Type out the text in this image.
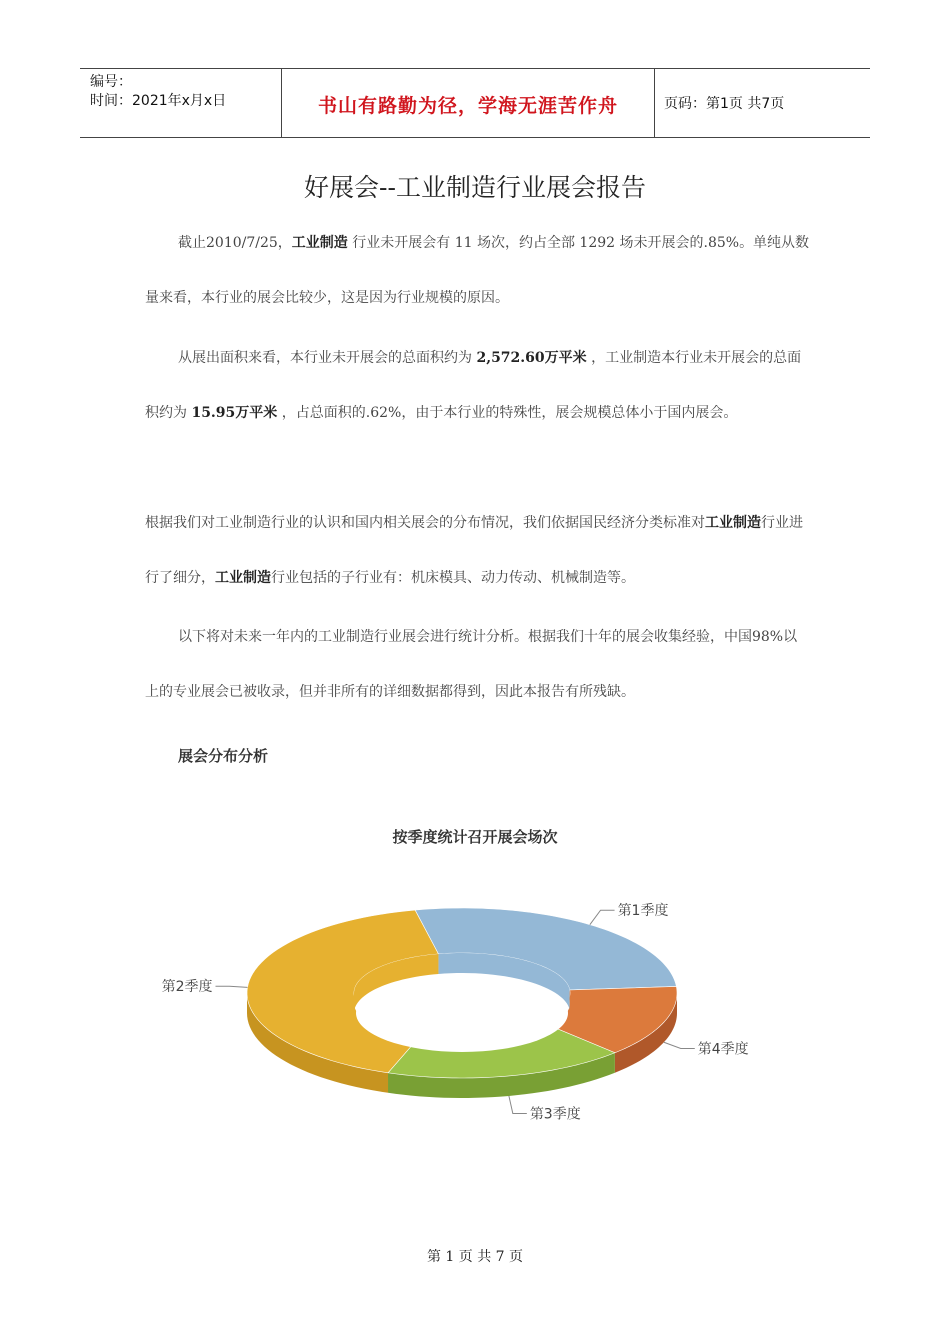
编号：
时间：2021年x月x日	书山有路勤为径，学海无涯苦作舟	页码：第1页 共7页
好展会--工业制造行业展会报告
截止2010/7/25，工业制造 行业未开展会有 11 场次，约占全部 1292 场未开展会的.85%。单纯从数量来看，本行业的展会比较少，这是因为行业规模的原因。
从展出面积来看，本行业未开展会的总面积约为 2,572.60万平米 ，工业制造本行业未开展会的总面积约为 15.95万平米 ，占总面积的.62%，由于本行业的特殊性，展会规模总体小于国内展会。
根据我们对工业制造行业的认识和国内相关展会的分布情况，我们依据国民经济分类标准对工业制造行业进行了细分，工业制造行业包括的子行业有：机床模具、动力传动、机械制造等。
以下将对未来一年内的工业制造行业展会进行统计分析。根据我们十年的展会收集经验，中国98%以上的专业展会已被收录，但并非所有的详细数据都得到，因此本报告有所残缺。
展会分布分析
按季度统计召开展会场次
第1季度
第4季度
第3季度
第2季度
第 1 页 共 7 页
